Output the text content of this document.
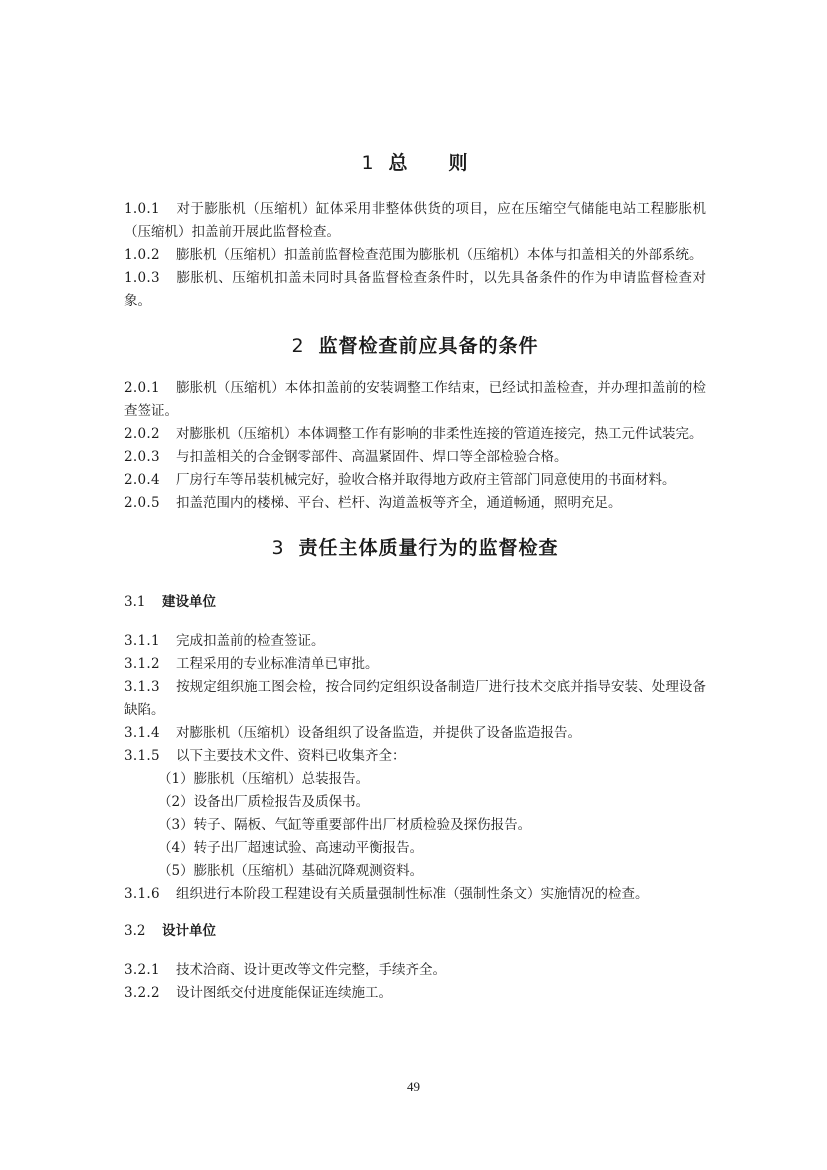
1 总　　则

1.0.1 对于膨胀机（压缩机）缸体采用非整体供货的项目，应在压缩空气储能电站工程膨胀机（压缩机）扣盖前开展此监督检查。

1.0.2 膨胀机（压缩机）扣盖前监督检查范围为膨胀机（压缩机）本体与扣盖相关的外部系统。

1.0.3 膨胀机、压缩机扣盖未同时具备监督检查条件时，以先具备条件的作为申请监督检查对象。

2 监督检查前应具备的条件

2.0.1 膨胀机（压缩机）本体扣盖前的安装调整工作结束，已经试扣盖检查，并办理扣盖前的检查签证。

2.0.2 对膨胀机（压缩机）本体调整工作有影响的非柔性连接的管道连接完，热工元件试装完。

2.0.3 与扣盖相关的合金钢零部件、高温紧固件、焊口等全部检验合格。

2.0.4 厂房行车等吊装机械完好，验收合格并取得地方政府主管部门同意使用的书面材料。

2.0.5 扣盖范围内的楼梯、平台、栏杆、沟道盖板等齐全，通道畅通，照明充足。

3 责任主体质量行为的监督检查

3.1 建设单位

3.1.1 完成扣盖前的检查签证。

3.1.2 工程采用的专业标准清单已审批。

3.1.3 按规定组织施工图会检，按合同约定组织设备制造厂进行技术交底并指导安装、处理设备缺陷。

3.1.4 对膨胀机（压缩机）设备组织了设备监造，并提供了设备监造报告。

3.1.5 以下主要技术文件、资料已收集齐全：

（1）膨胀机（压缩机）总装报告。

（2）设备出厂质检报告及质保书。

（3）转子、隔板、气缸等重要部件出厂材质检验及探伤报告。

（4）转子出厂超速试验、高速动平衡报告。

（5）膨胀机（压缩机）基础沉降观测资料。

3.1.6 组织进行本阶段工程建设有关质量强制性标准（强制性条文）实施情况的检查。

3.2 设计单位

3.2.1 技术洽商、设计更改等文件完整，手续齐全。

3.2.2 设计图纸交付进度能保证连续施工。

49
